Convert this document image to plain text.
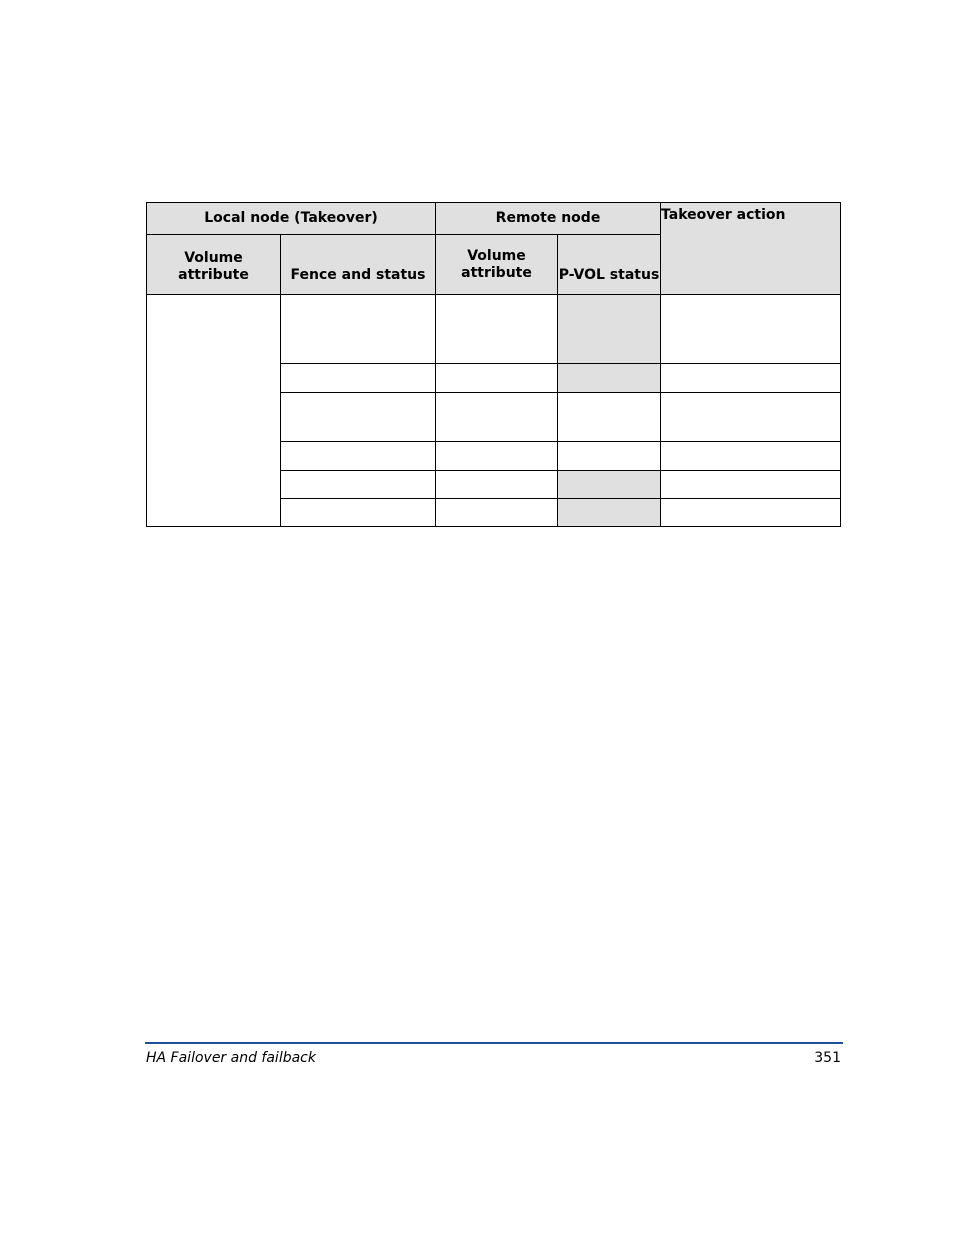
Local node (Takeover)		Remote node		Takeover action
Volume attribute	Fence and status	Volume attribute	P-VOL status	

HA Failover and failback	351
